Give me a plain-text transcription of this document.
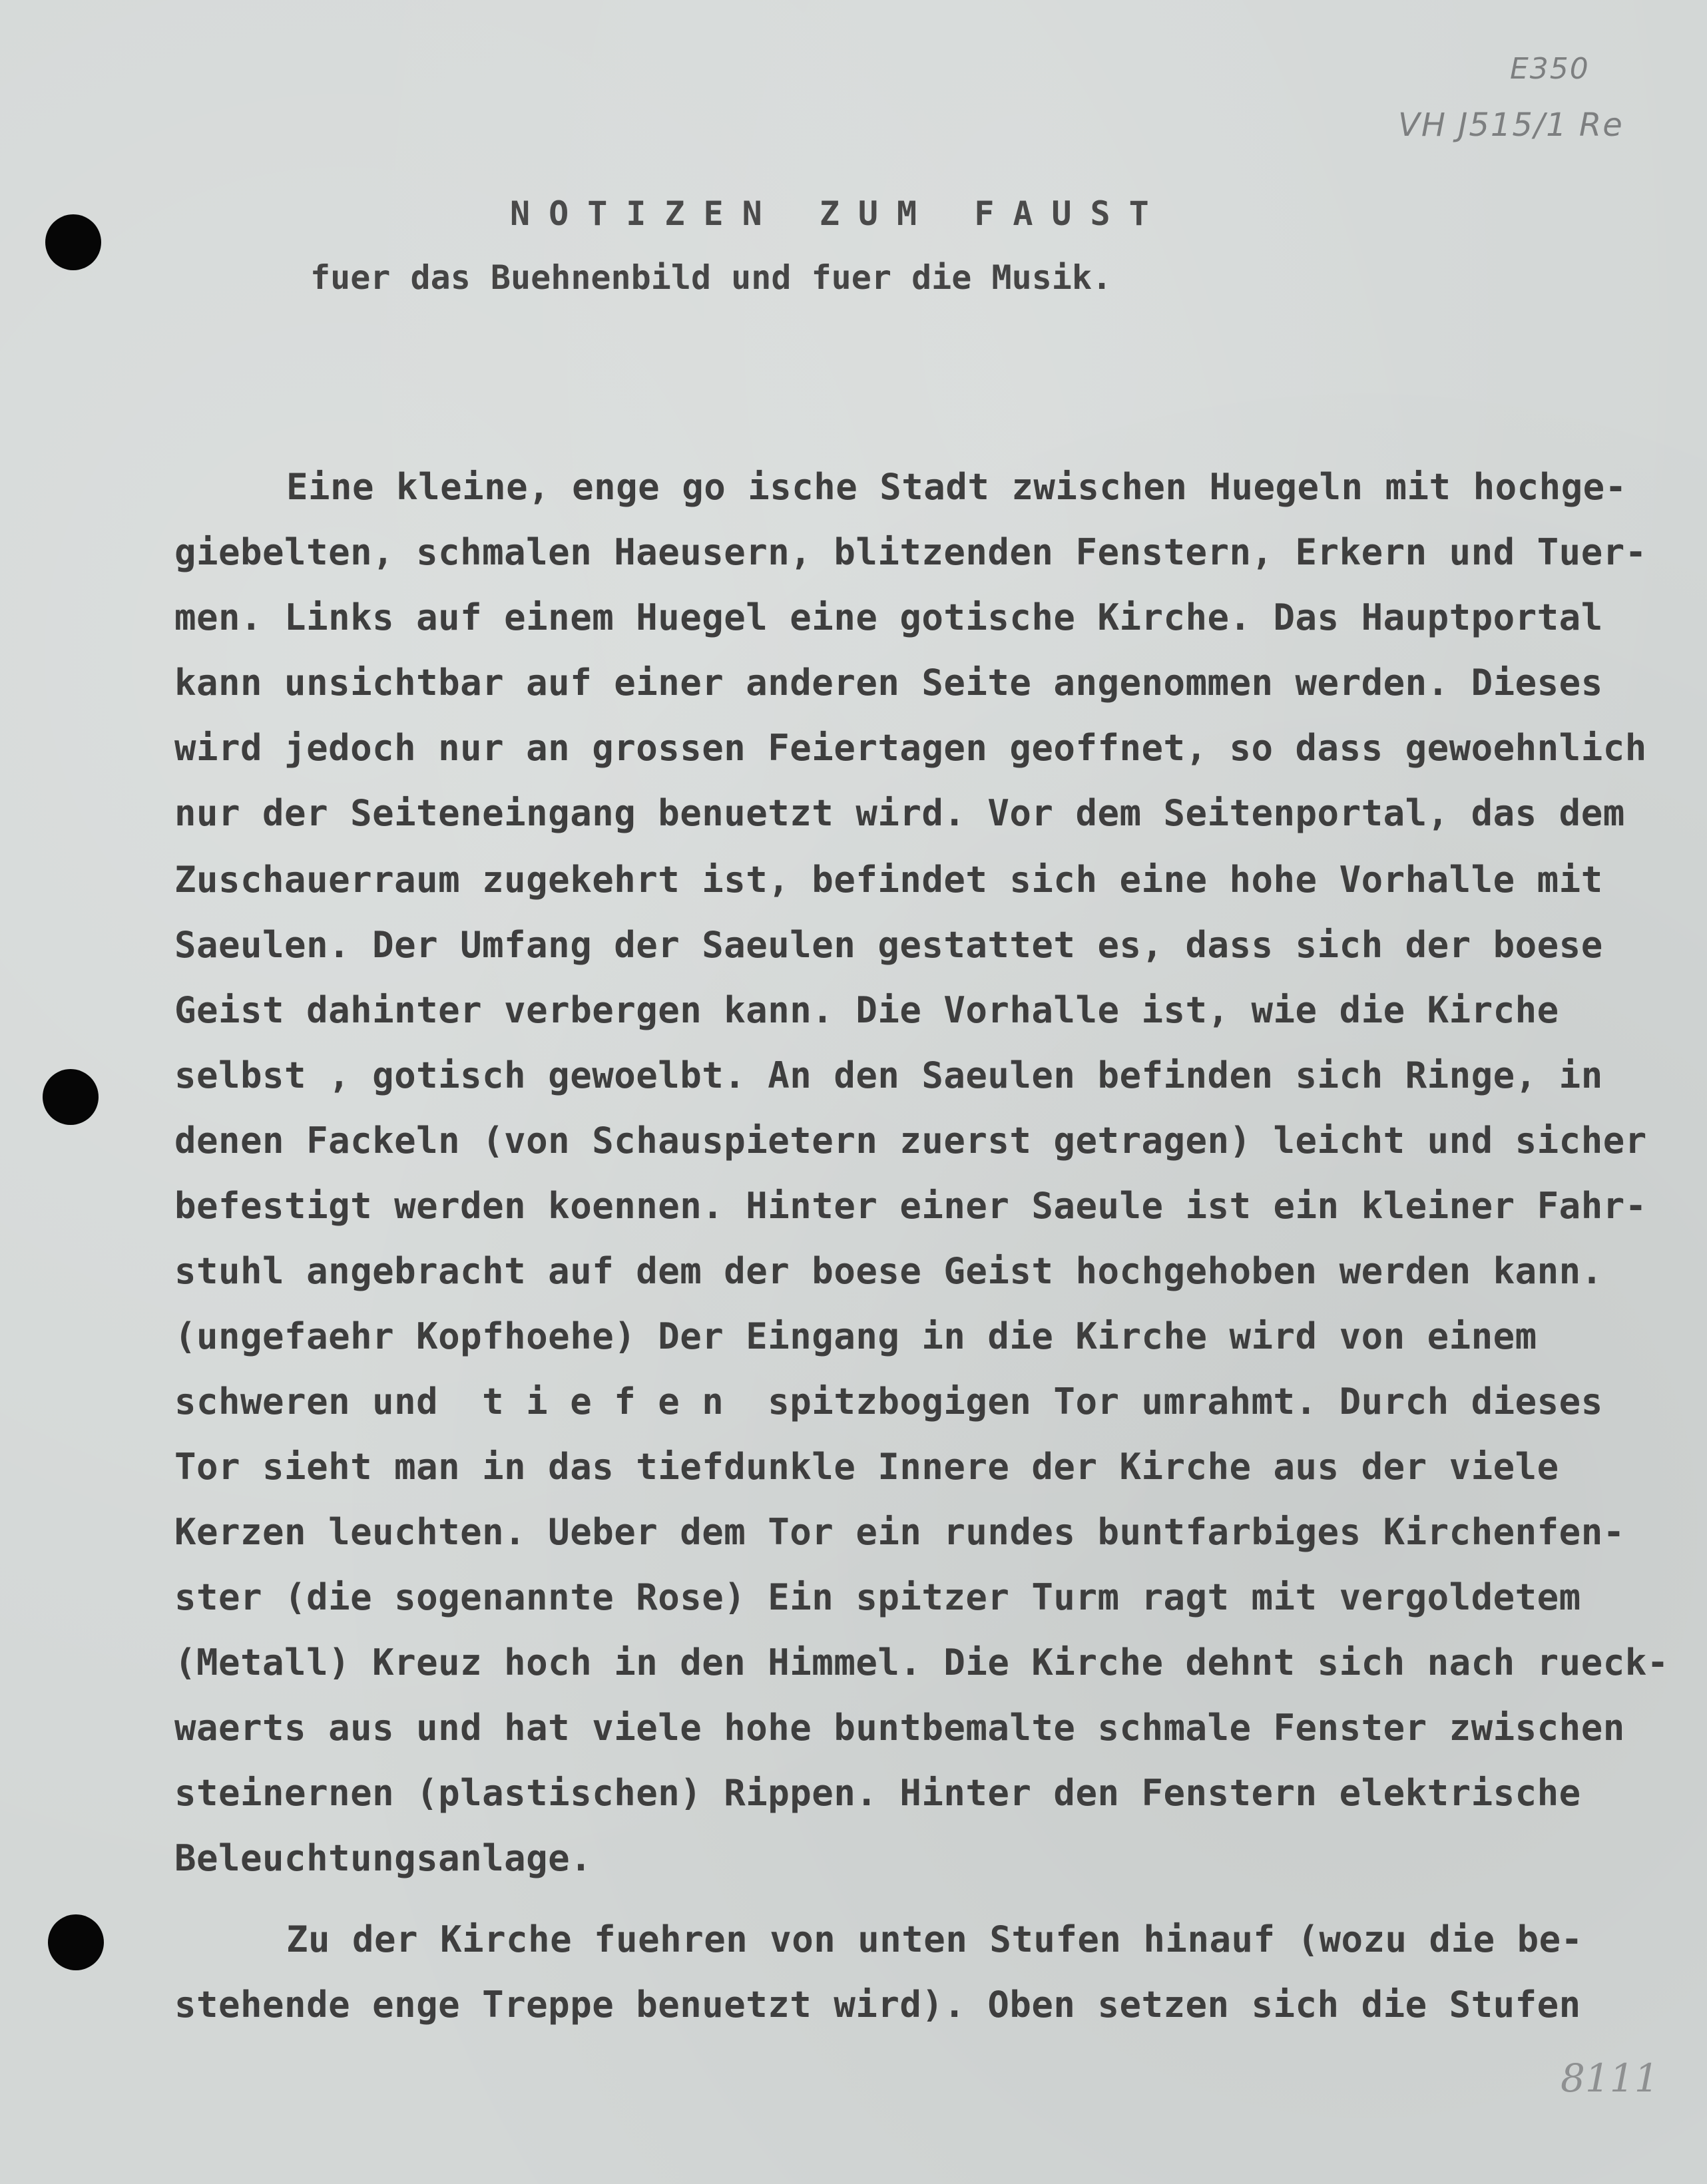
E350
VH J515/1 Re
NOTIZEN ZUM FAUST
fuer das Buehnenbild und fuer die Musik.
Eine kleine, enge go ische Stadt zwischen Huegeln mit hochge-
giebelten, schmalen Haeusern, blitzenden Fenstern, Erkern und Tuer-
men. Links auf einem Huegel eine gotische Kirche. Das Hauptportal
kann unsichtbar auf einer anderen Seite angenommen werden. Dieses
wird jedoch nur an grossen Feiertagen geoffnet, so dass gewoehnlich
nur der Seiteneingang benuetzt wird. Vor dem Seitenportal, das dem
Zuschauerraum zugekehrt ist, befindet sich eine hohe Vorhalle mit
Saeulen. Der Umfang der Saeulen gestattet es, dass sich der boese
Geist dahinter verbergen kann. Die Vorhalle ist, wie die Kirche
selbst , gotisch gewoelbt. An den Saeulen befinden sich Ringe, in
denen Fackeln (von Schauspietern zuerst getragen) leicht und sicher
befestigt werden koennen. Hinter einer Saeule ist ein kleiner Fahr-
stuhl angebracht auf dem der boese Geist hochgehoben werden kann.
(ungefaehr Kopfhoehe) Der Eingang in die Kirche wird von einem
schweren und  t i e f e n  spitzbogigen Tor umrahmt. Durch dieses
Tor sieht man in das tiefdunkle Innere der Kirche aus der viele
Kerzen leuchten. Ueber dem Tor ein rundes buntfarbiges Kirchenfen-
ster (die sogenannte Rose) Ein spitzer Turm ragt mit vergoldetem
(Metall) Kreuz hoch in den Himmel. Die Kirche dehnt sich nach rueck-
waerts aus und hat viele hohe buntbemalte schmale Fenster zwischen
steinernen (plastischen) Rippen. Hinter den Fenstern elektrische
Beleuchtungsanlage.
Zu der Kirche fuehren von unten Stufen hinauf (wozu die be-
stehende enge Treppe benuetzt wird). Oben setzen sich die Stufen
8111
